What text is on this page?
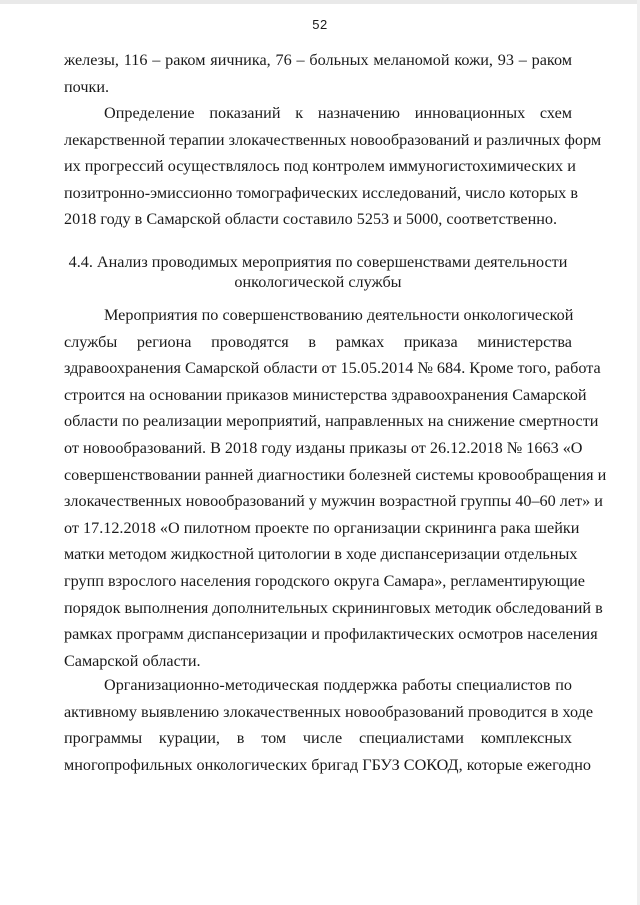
52
железы, 116 – раком яичника, 76 – больных меланомой кожи, 93 – раком
почки.
Определение показаний к назначению инновационных схем
лекарственной терапии злокачественных новообразований и различных форм
их прогрессий осуществлялось под контролем иммуногистохимических и
позитронно-эмиссионно томографических исследований, число которых в
2018 году в Самарской области составило 5253 и 5000, соответственно.
4.4. Анализ проводимых мероприятия по совершенствами деятельности
онкологической службы
Мероприятия по совершенствованию деятельности онкологической
службы региона проводятся в рамках приказа министерства
здравоохранения Самарской области от 15.05.2014 № 684. Кроме того, работа
строится на основании приказов министерства здравоохранения Самарской
области по реализации мероприятий, направленных на снижение смертности
от новообразований. В 2018 году изданы приказы от 26.12.2018 № 1663 «О
совершенствовании ранней диагностики болезней системы кровообращения и
злокачественных новообразований у мужчин возрастной группы 40–60 лет» и
от 17.12.2018 «О пилотном проекте по организации скрининга рака шейки
матки методом жидкостной цитологии в ходе диспансеризации отдельных
групп взрослого населения городского округа Самара», регламентирующие
порядок выполнения дополнительных скрининговых методик обследований в
рамках программ диспансеризации и профилактических осмотров населения
Самарской области.
Организационно-методическая поддержка работы специалистов по
активному выявлению злокачественных новообразований проводится в ходе
программы курации, в том числе специалистами комплексных
многопрофильных онкологических бригад ГБУЗ СОКОД, которые ежегодно
